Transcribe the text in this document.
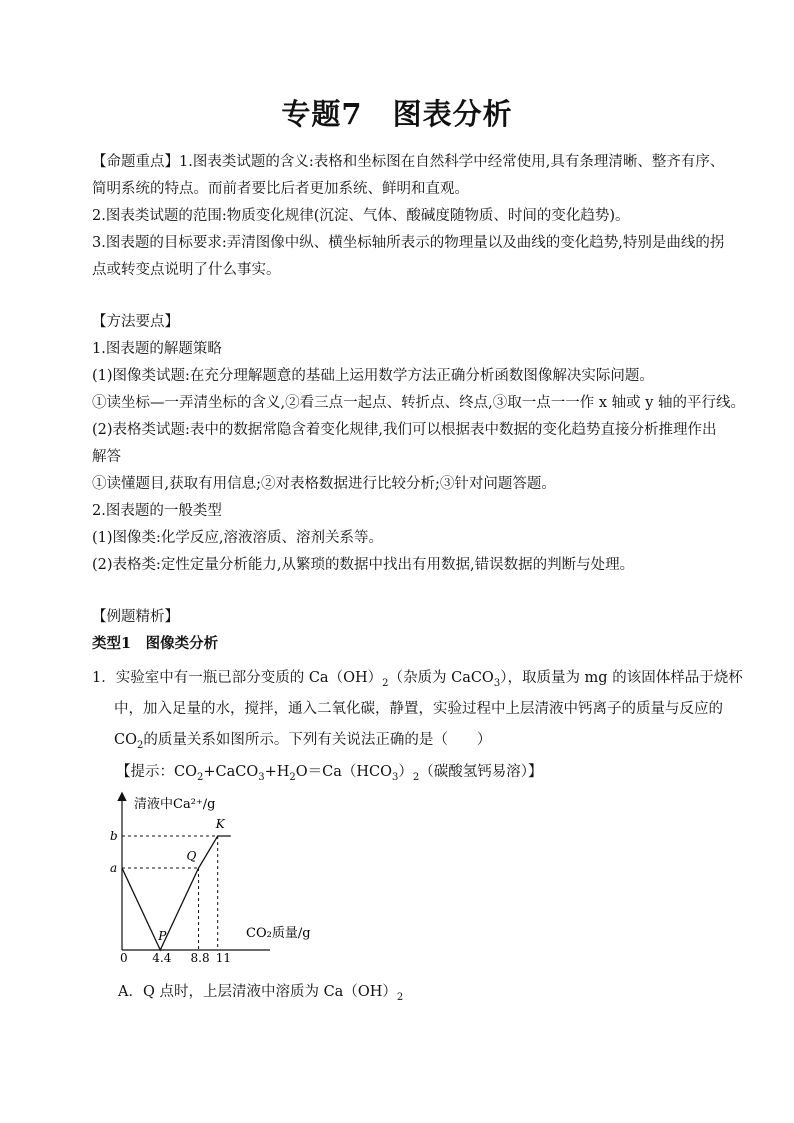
专题7　图表分析
【命题重点】1.图表类试题的含义:表格和坐标图在自然科学中经常使用,具有条理清晰、整齐有序、
简明系统的特点。而前者要比后者更加系统、鲜明和直观。
2.图表类试题的范围:物质变化规律(沉淀、气体、酸碱度随物质、时间的变化趋势)。
3.图表题的目标要求:弄清图像中纵、横坐标轴所表示的物理量以及曲线的变化趋势,特别是曲线的拐
点或转变点说明了什么事实。
【方法要点】
1.图表题的解题策略
(1)图像类试题:在充分理解题意的基础上运用数学方法正确分析函数图像解决实际问题。
①读坐标—一弄清坐标的含义,②看三点一起点、转折点、终点,③取一点一一作 x 轴或 y 轴的平行线。
(2)表格类试题:表中的数据常隐含着变化规律,我们可以根据表中数据的变化趋势直接分析推理作出
解答
①读懂题目,获取有用信息;②对表格数据进行比较分析;③针对问题答题。
2.图表题的一般类型
(1)图像类:化学反应,溶液溶质、溶剂关系等。
(2)表格类:定性定量分析能力,从繁琐的数据中找出有用数据,错误数据的判断与处理。
【例题精析】
类型1　图像类分析
1．实验室中有一瓶已部分变质的 $Ca(OH)_2$（杂质为 CaCO$_3$），取质量为 mg 的该固体样品于烧杯
中，加入足量的水，搅拌，通入二氧化碳，静置，实验过程中上层清液中钙离子的质量与反应的
$CO_2$的质量关系如图所示。下列有关说法正确的是（　　）
【提示：$CO_2+CaCO_3+H_2O=Ca(HCO_3)_2$（碳酸氢钙易溶）】
清液中Ca²⁺/g
CO₂质量/g
0 4.4 8.8 11
a
b
P
Q
K
A．Q 点时，上层清液中溶质为 $Ca(OH)_2$
